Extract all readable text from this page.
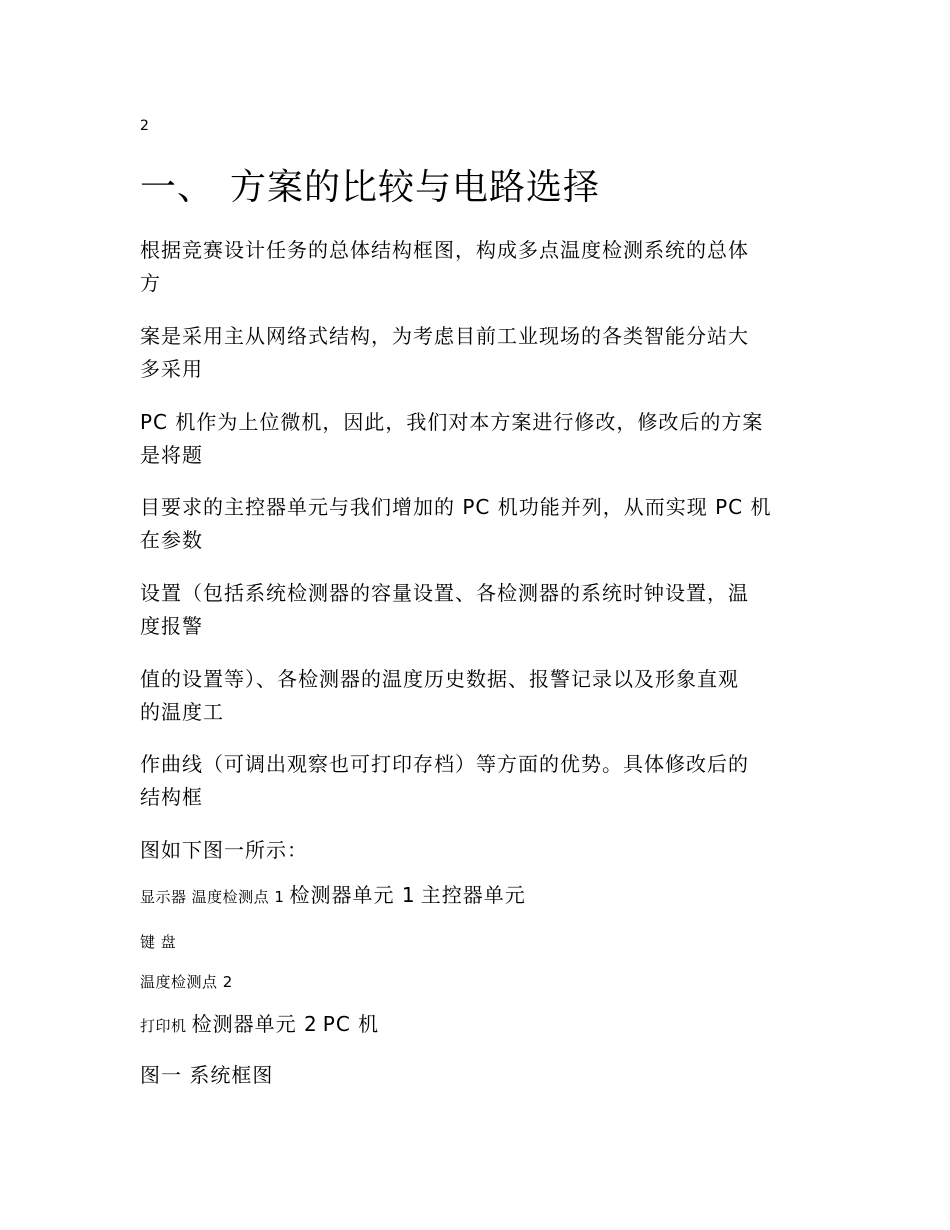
2
一、 方案的比较与电路选择
根据竞赛设计任务的总体结构框图，构成多点温度检测系统的总体
方
案是采用主从网络式结构，为考虑目前工业现场的各类智能分站大
多采用
PC 机作为上位微机，因此，我们对本方案进行修改，修改后的方案
是将题
目要求的主控器单元与我们增加的 PC 机功能并列，从而实现 PC 机
在参数
设置（包括系统检测器的容量设置、各检测器的系统时钟设置，温
度报警
值的设置等）、各检测器的温度历史数据、报警记录以及形象直观
的温度工
作曲线（可调出观察也可打印存档）等方面的优势。具体修改后的
结构框
图如下图一所示：
显示器 温度检测点 1 检测器单元 1 主控器单元
键 盘
温度检测点 2
打印机 检测器单元 2 PC 机
图一 系统框图
